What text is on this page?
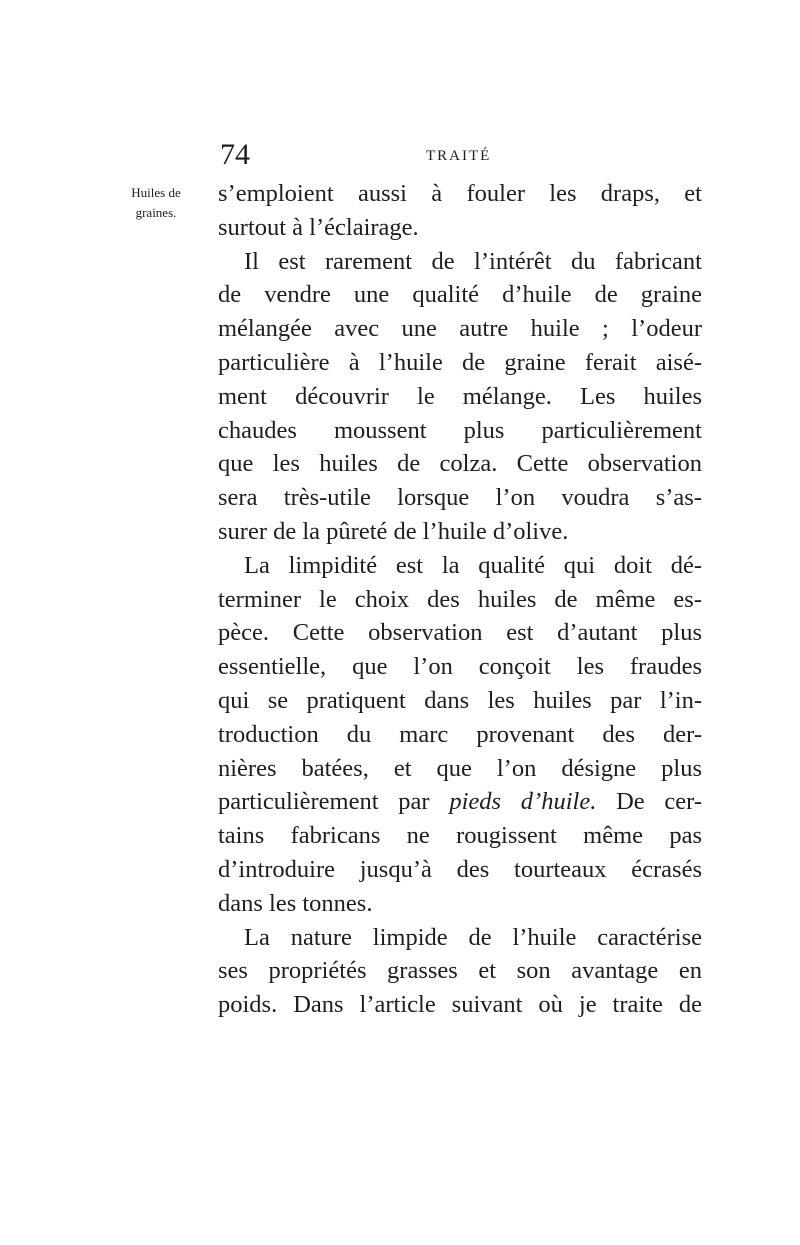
74	TRAITÉ
Huiles de
graines.
s’emploient aussi à fouler les draps, et
surtout à l’éclairage.
Il est rarement de l’intérêt du fabricant
de vendre une qualité d’huile de graine
mélangée avec une autre huile ; l’odeur
particulière à l’huile de graine ferait aisé-
ment découvrir le mélange. Les huiles
chaudes moussent plus particulièrement
que les huiles de colza. Cette observation
sera très-utile lorsque l’on voudra s’as-
surer de la pûreté de l’huile d’olive.
La limpidité est la qualité qui doit dé-
terminer le choix des huiles de même es-
pèce. Cette observation est d’autant plus
essentielle, que l’on conçoit les fraudes
qui se pratiquent dans les huiles par l’in-
troduction du marc provenant des der-
nières batées, et que l’on désigne plus
particulièrement par pieds d’huile. De cer-
tains fabricans ne rougissent même pas
d’introduire jusqu’à des tourteaux écrasés
dans les tonnes.
La nature limpide de l’huile caractérise
ses propriétés grasses et son avantage en
poids. Dans l’article suivant où je traite de
